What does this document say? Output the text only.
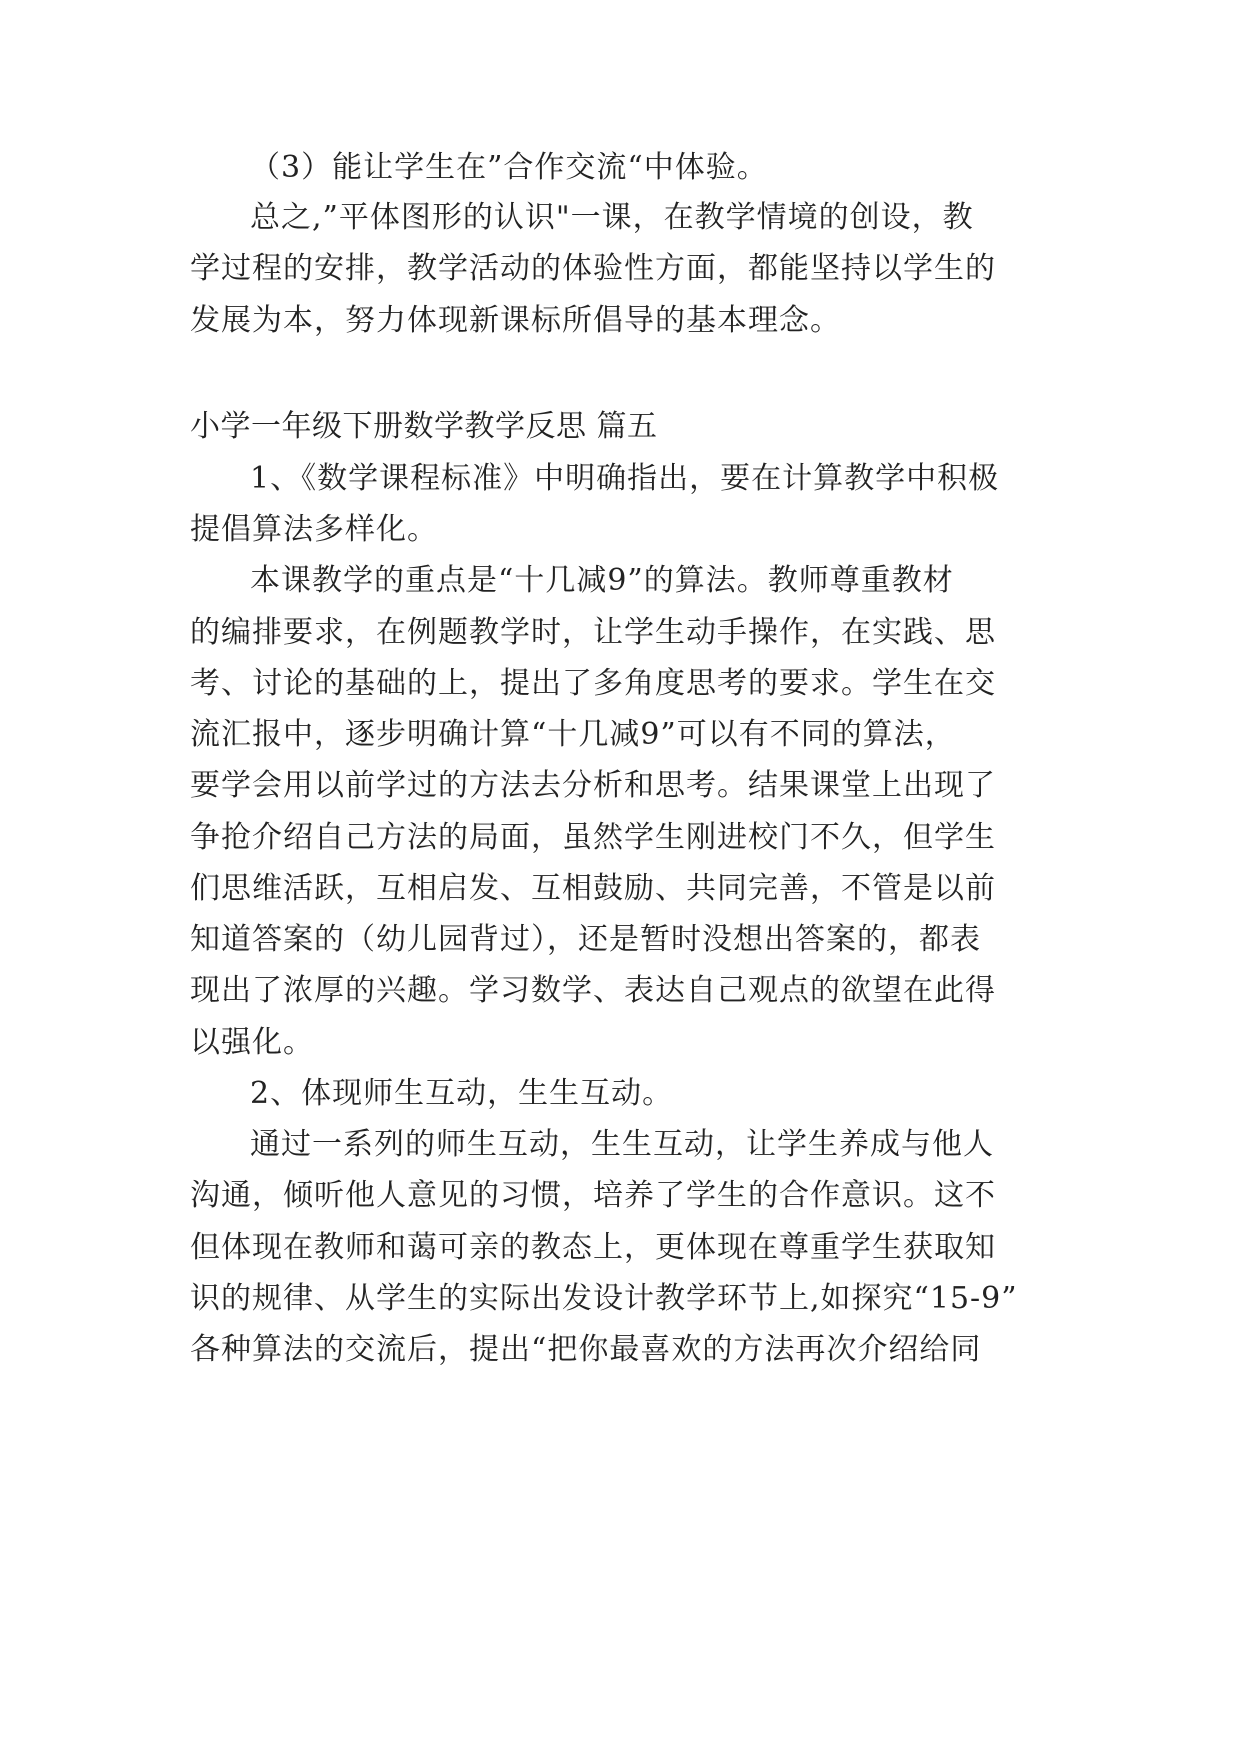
（3）能让学生在”合作交流“中体验。
总之,”平体图形的认识"一课，在教学情境的创设，教
学过程的安排，教学活动的体验性方面，都能坚持以学生的
发展为本，努力体现新课标所倡导的基本理念。
小学一年级下册数学教学反思 篇五
1、《数学课程标准》中明确指出，要在计算教学中积极
提倡算法多样化。
本课教学的重点是“十几减9”的算法。教师尊重教材
的编排要求，在例题教学时，让学生动手操作，在实践、思
考、讨论的基础的上，提出了多角度思考的要求。学生在交
流汇报中，逐步明确计算“十几减9”可以有不同的算法，
要学会用以前学过的方法去分析和思考。结果课堂上出现了
争抢介绍自己方法的局面，虽然学生刚进校门不久，但学生
们思维活跃，互相启发、互相鼓励、共同完善，不管是以前
知道答案的（幼儿园背过），还是暂时没想出答案的，都表
现出了浓厚的兴趣。学习数学、表达自己观点的欲望在此得
以强化。
2、体现师生互动，生生互动。
通过一系列的师生互动，生生互动，让学生养成与他人
沟通，倾听他人意见的习惯，培养了学生的合作意识。这不
但体现在教师和蔼可亲的教态上，更体现在尊重学生获取知
识的规律、从学生的实际出发设计教学环节上,如探究“15-9”
各种算法的交流后，提出“把你最喜欢的方法再次介绍给同
